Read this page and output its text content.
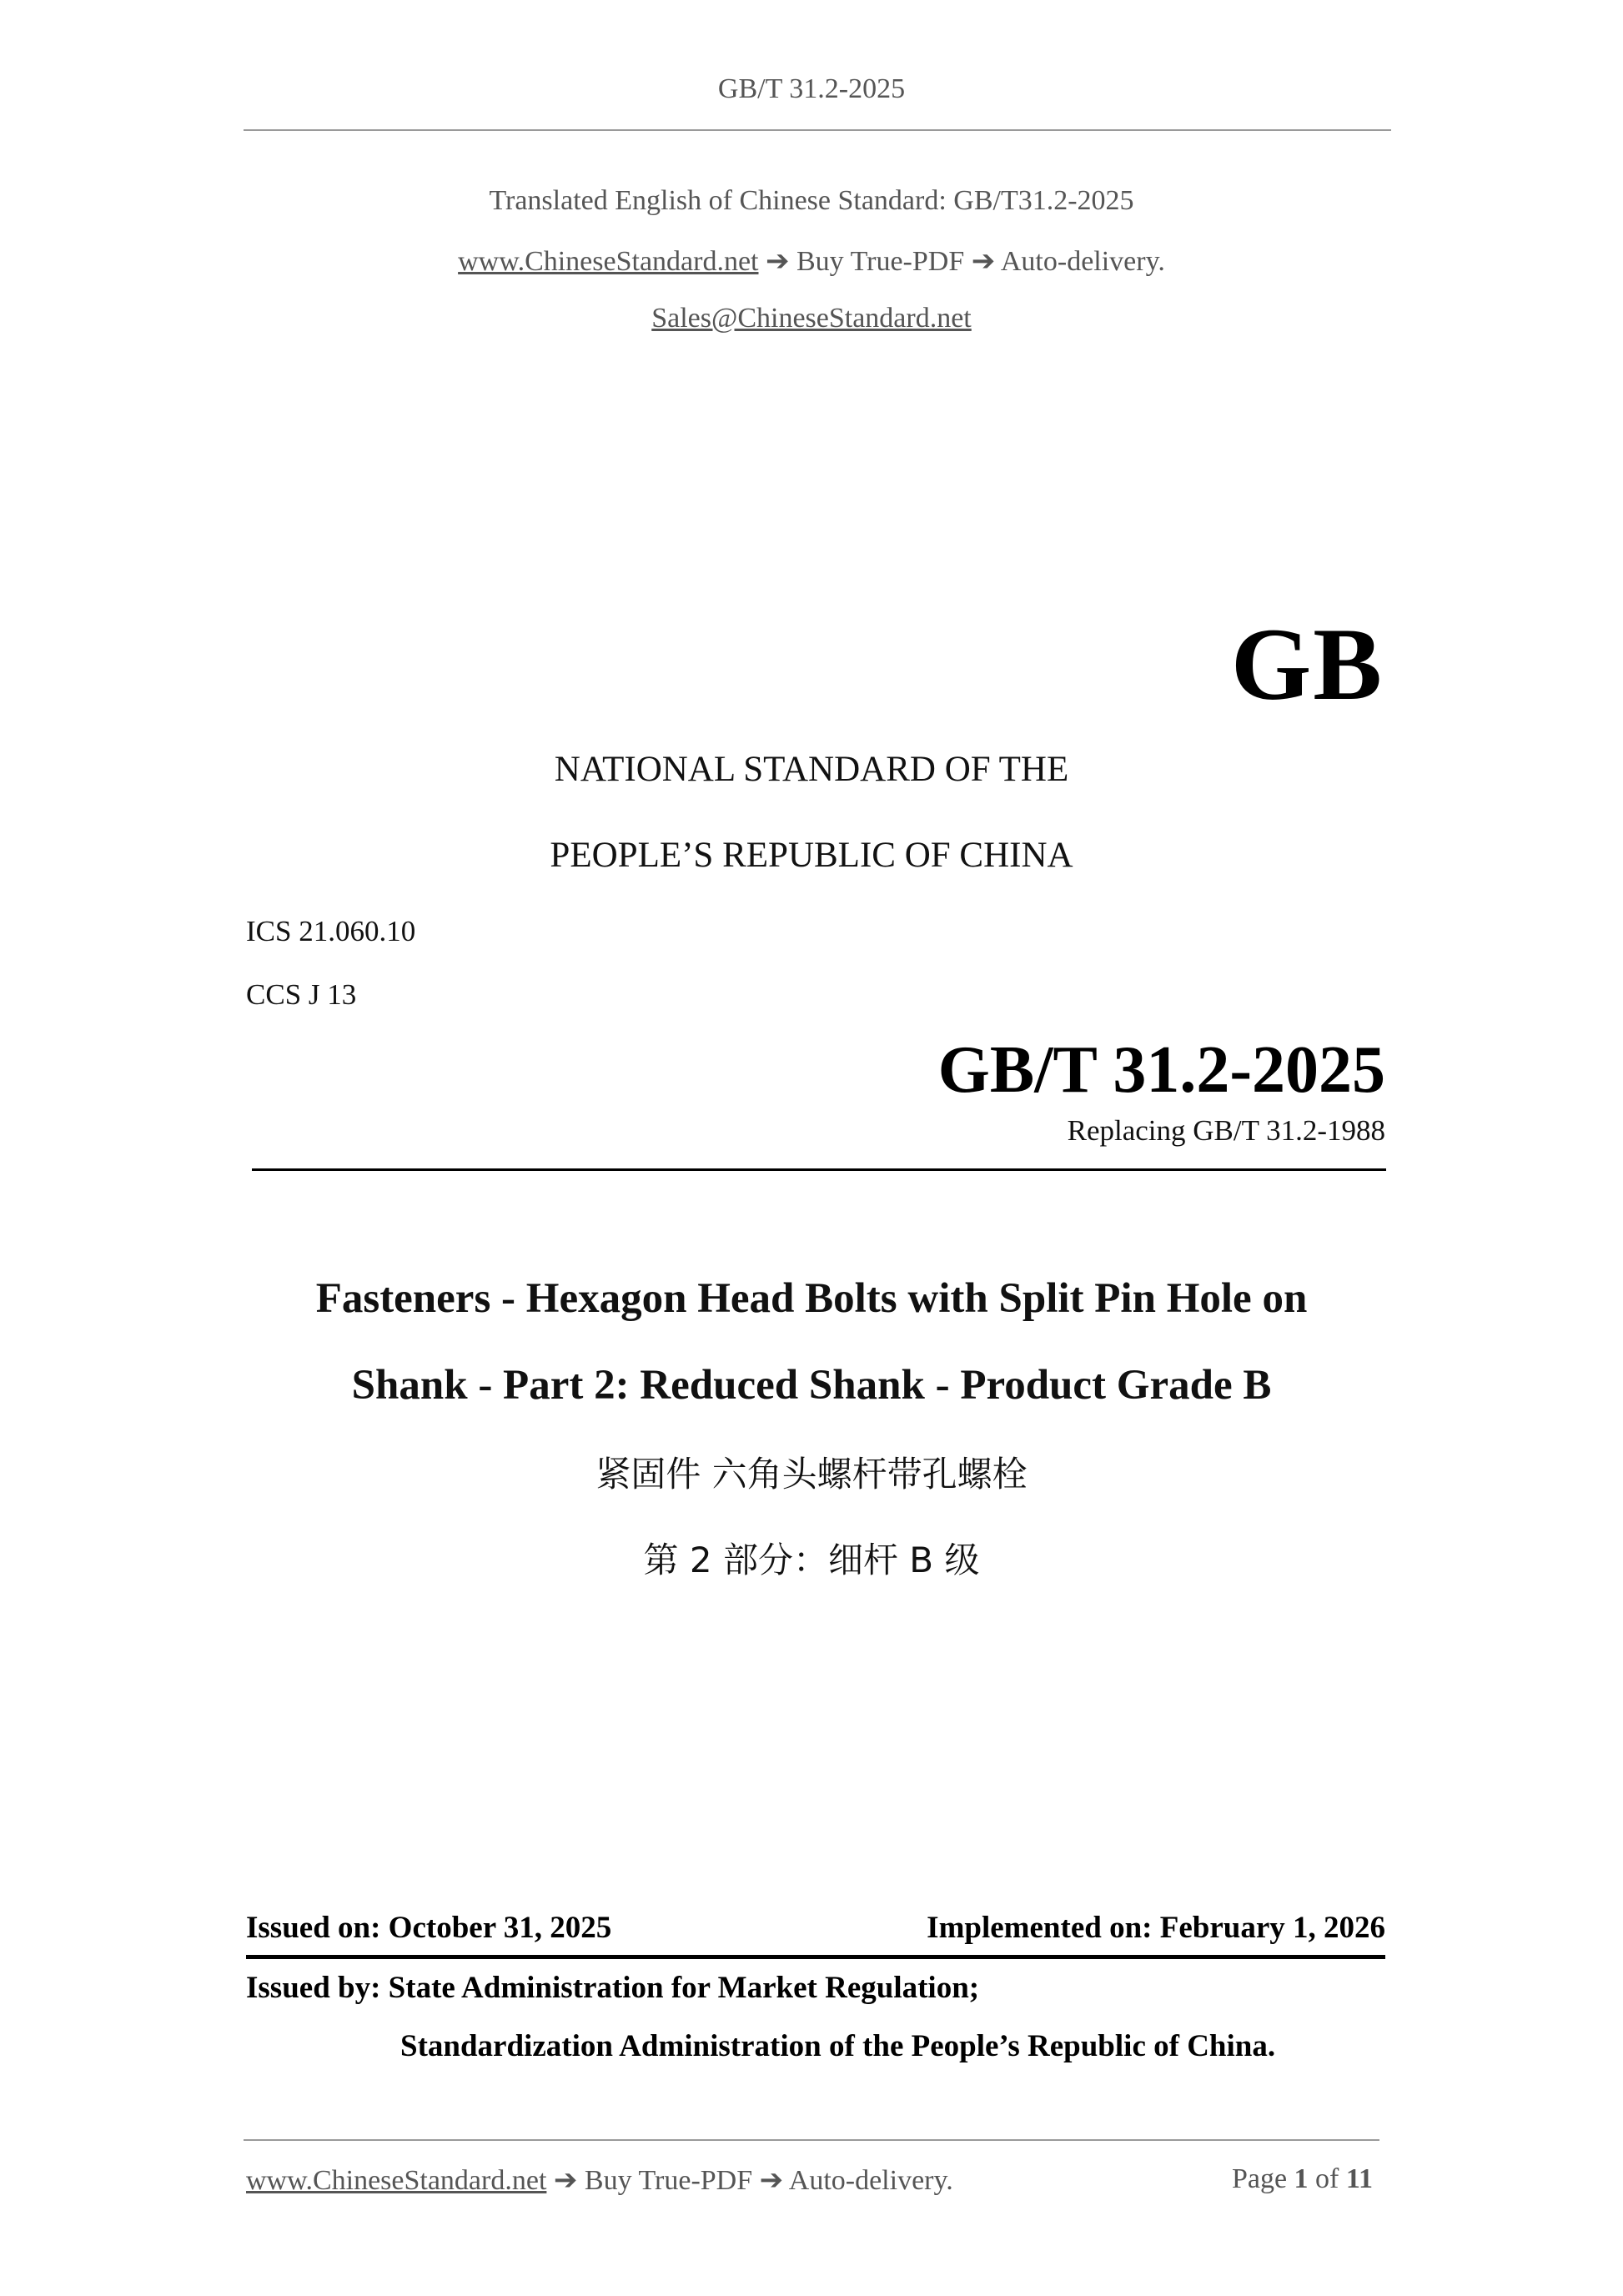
GB/T 31.2-2025
Translated English of Chinese Standard: GB/T31.2-2025
www.ChineseStandard.net ➔ Buy True-PDF ➔ Auto-delivery.
Sales@ChineseStandard.net
GB
NATIONAL STANDARD OF THE
PEOPLE’S REPUBLIC OF CHINA
ICS 21.060.10
CCS J 13
GB/T 31.2-2025
Replacing GB/T 31.2-1988
Fasteners - Hexagon Head Bolts with Split Pin Hole on
Shank - Part 2: Reduced Shank - Product Grade B
紧固件 六角头螺杆带孔螺栓
第 2 部分：细杆 B 级
Issued on: October 31, 2025	Implemented on: February 1, 2026
Issued by: State Administration for Market Regulation;
Standardization Administration of the People’s Republic of China.
www.ChineseStandard.net ➔ Buy True-PDF ➔ Auto-delivery.	Page 1 of 11
